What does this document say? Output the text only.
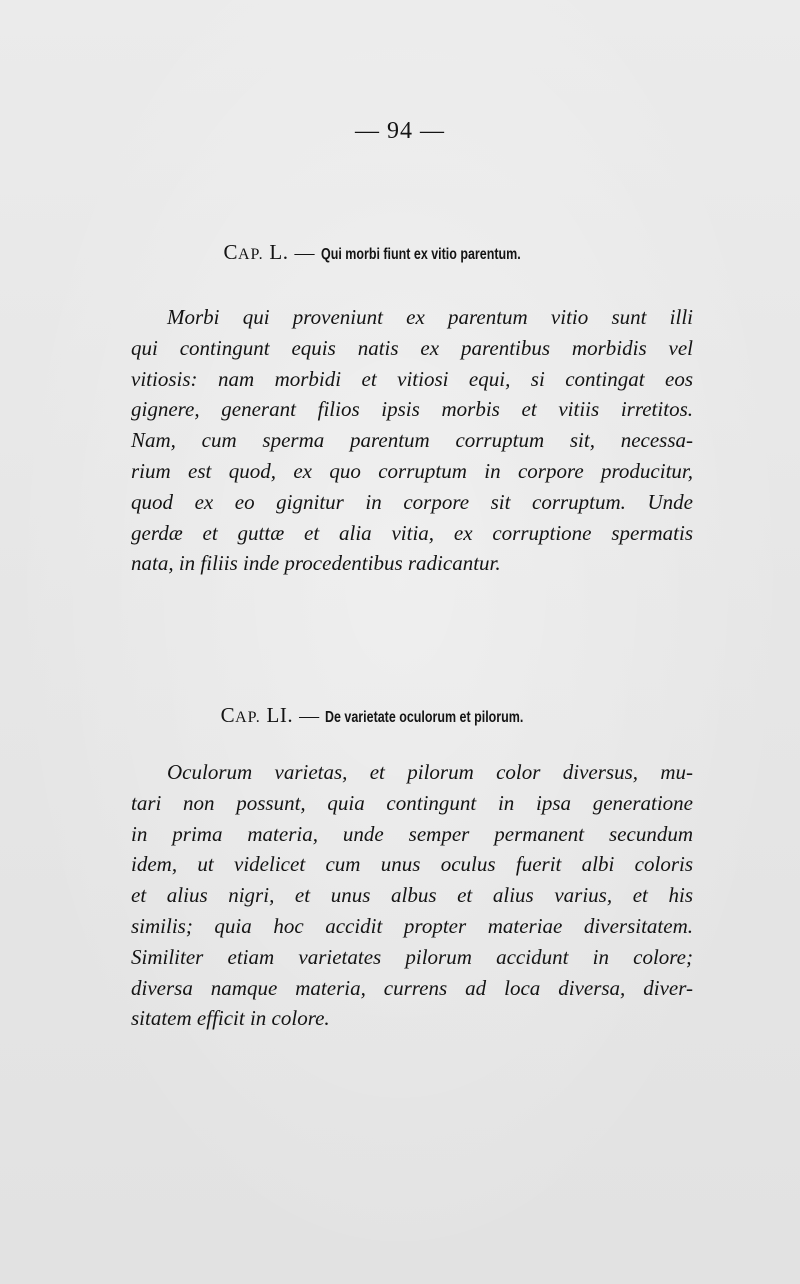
— 94 —
CAP. L. — Qui morbi fiunt ex vitio parentum.

Morbi qui proveniunt ex parentum vitio sunt illi
qui contingunt equis natis ex parentibus morbidis vel
vitiosis: nam morbidi et vitiosi equi, si contingat eos
gignere, generant filios ipsis morbis et vitiis irretitos.
Nam, cum sperma parentum corruptum sit, necessa-
rium est quod, ex quo corruptum in corpore producitur,
quod ex eo gignitur in corpore sit corruptum. Unde
gerdæ et guttæ et alia vitia, ex corruptione spermatis
nata, in filiis inde procedentibus radicantur.

CAP. LI. — De varietate oculorum et pilorum.

Oculorum varietas, et pilorum color diversus, mu-
tari non possunt, quia contingunt in ipsa generatione
in prima materia, unde semper permanent secundum
idem, ut videlicet cum unus oculus fuerit albi coloris
et alius nigri, et unus albus et alius varius, et his
similis; quia hoc accidit propter materiae diversitatem.
Similiter etiam varietates pilorum accidunt in colore;
diversa namque materia, currens ad loca diversa, diver-
sitatem efficit in colore.
